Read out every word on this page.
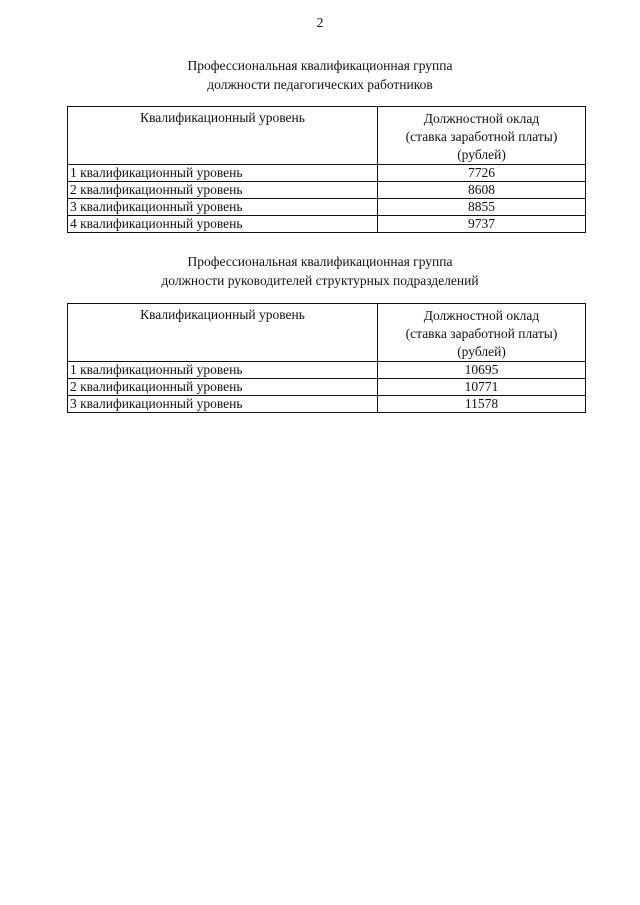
2
Профессиональная квалификационная группа
должности педагогических работников
Квалификационный уровень	Должностной оклад
(ставка заработной платы)
(рублей)

1 квалификационный уровень	7726
2 квалификационный уровень	8608
3 квалификационный уровень	8855
4 квалификационный уровень	9737
Профессиональная квалификационная группа
должности руководителей структурных подразделений
Квалификационный уровень	Должностной оклад
(ставка заработной платы)
(рублей)

1 квалификационный уровень	10695
2 квалификационный уровень	10771
3 квалификационный уровень	11578
